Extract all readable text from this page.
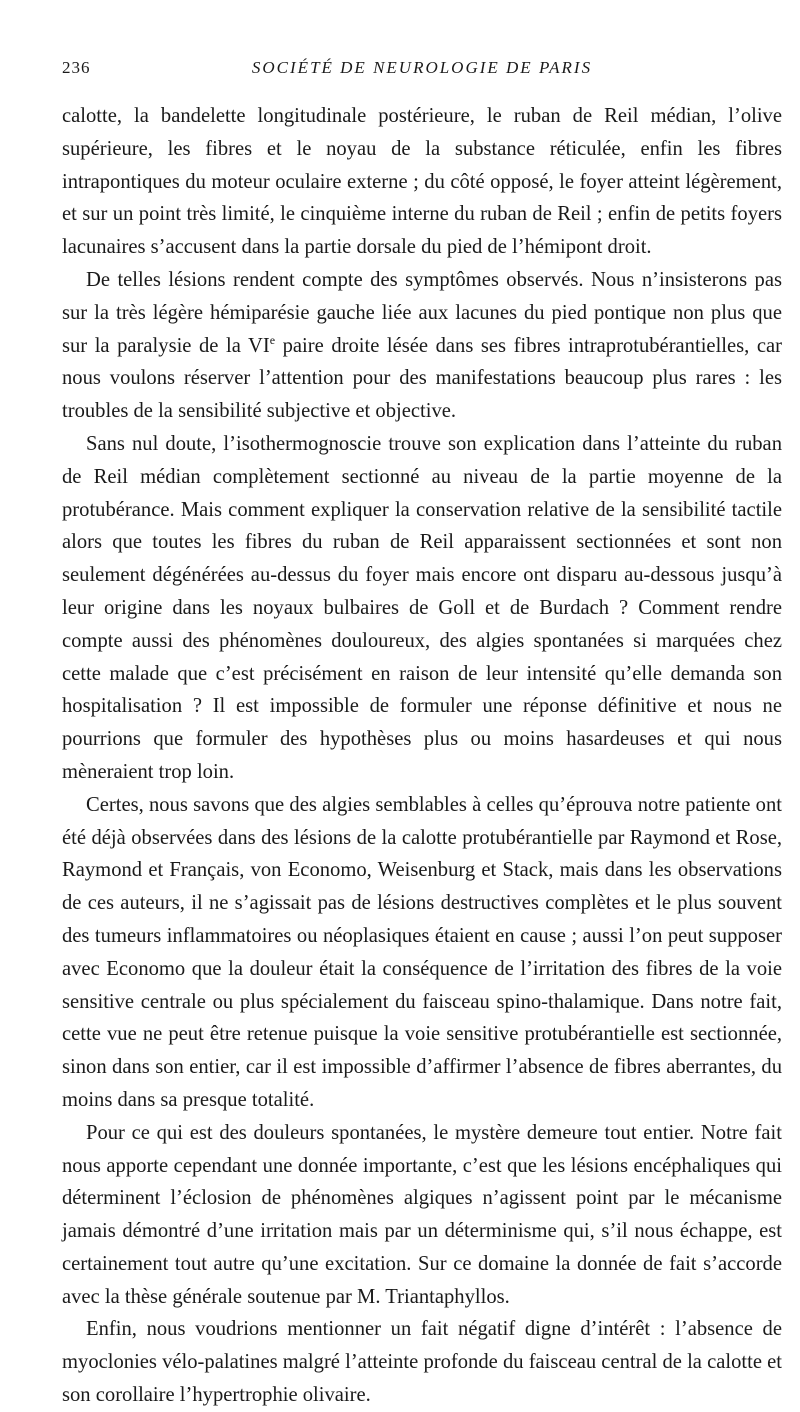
236	SOCIÉTÉ DE NEUROLOGIE DE PARIS

calotte, la bandelette longitudinale postérieure, le ruban de Reil médian, l’olive supérieure, les fibres et le noyau de la substance réticulée, enfin les fibres intrapontiques du moteur oculaire externe ; du côté opposé, le foyer atteint légèrement, et sur un point très limité, le cinquième interne du ruban de Reil ; enfin de petits foyers lacunaires s’accusent dans la partie dorsale du pied de l’hémipont droit.

De telles lésions rendent compte des symptômes observés. Nous n’insisterons pas sur la très légère hémiparésie gauche liée aux lacunes du pied pontique non plus que sur la paralysie de la VIe paire droite lésée dans ses fibres intraprotubérantielles, car nous voulons réserver l’attention pour des manifestations beaucoup plus rares : les troubles de la sensibilité subjective et objective.

Sans nul doute, l’isothermognoscie trouve son explication dans l’atteinte du ruban de Reil médian complètement sectionné au niveau de la partie moyenne de la protubérance. Mais comment expliquer la conservation relative de la sensibilité tactile alors que toutes les fibres du ruban de Reil apparaissent sectionnées et sont non seulement dégénérées au-dessus du foyer mais encore ont disparu au-dessous jusqu’à leur origine dans les noyaux bulbaires de Goll et de Burdach ? Comment rendre compte aussi des phénomènes douloureux, des algies spontanées si marquées chez cette malade que c’est précisément en raison de leur intensité qu’elle demanda son hospitalisation ? Il est impossible de formuler une réponse définitive et nous ne pourrions que formuler des hypothèses plus ou moins hasardeuses et qui nous mèneraient trop loin.

Certes, nous savons que des algies semblables à celles qu’éprouva notre patiente ont été déjà observées dans des lésions de la calotte protubérantielle par Raymond et Rose, Raymond et Français, von Economo, Weisenburg et Stack, mais dans les observations de ces auteurs, il ne s’agissait pas de lésions destructives complètes et le plus souvent des tumeurs inflammatoires ou néoplasiques étaient en cause ; aussi l’on peut supposer avec Economo que la douleur était la conséquence de l’irritation des fibres de la voie sensitive centrale ou plus spécialement du faisceau spino-thalamique. Dans notre fait, cette vue ne peut être retenue puisque la voie sensitive protubérantielle est sectionnée, sinon dans son entier, car il est impossible d’affirmer l’absence de fibres aberrantes, du moins dans sa presque totalité.

Pour ce qui est des douleurs spontanées, le mystère demeure tout entier. Notre fait nous apporte cependant une donnée importante, c’est que les lésions encéphaliques qui déterminent l’éclosion de phénomènes algiques n’agissent point par le mécanisme jamais démontré d’une irritation mais par un déterminisme qui, s’il nous échappe, est certainement tout autre qu’une excitation. Sur ce domaine la donnée de fait s’accorde avec la thèse générale soutenue par M. Triantaphyllos.

Enfin, nous voudrions mentionner un fait négatif digne d’intérêt : l’absence de myoclonies vélo-palatines malgré l’atteinte profonde du faisceau central de la calotte et son corollaire l’hypertrophie olivaire.
